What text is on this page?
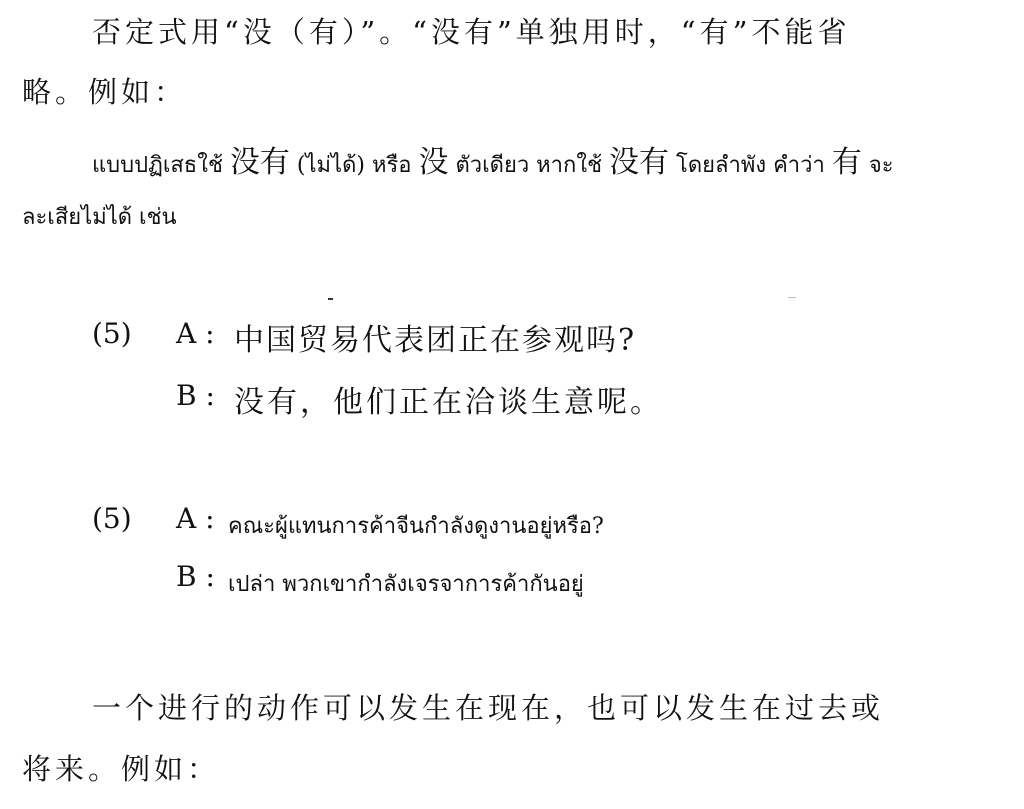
否定式用“没（有）”。“没有”单独用时，“有”不能省
略。例如：
แบบปฏิเสธใช้ 没有 (ไม่ได้) หรือ 没 ตัวเดียว หากใช้ 没有 โดยลำพัง คำว่า 有 จะ
ละเสียไม่ได้ เช่น
(5) A : 中国贸易代表团正在参观吗?
B : 没有，他们正在洽谈生意呢。
(5) A : คณะผู้แทนการค้าจีนกำลังดูงานอยู่หรือ?
B : เปล่า พวกเขากำลังเจรจาการค้ากันอยู่
一个进行的动作可以发生在现在，也可以发生在过去或
将来。例如：
